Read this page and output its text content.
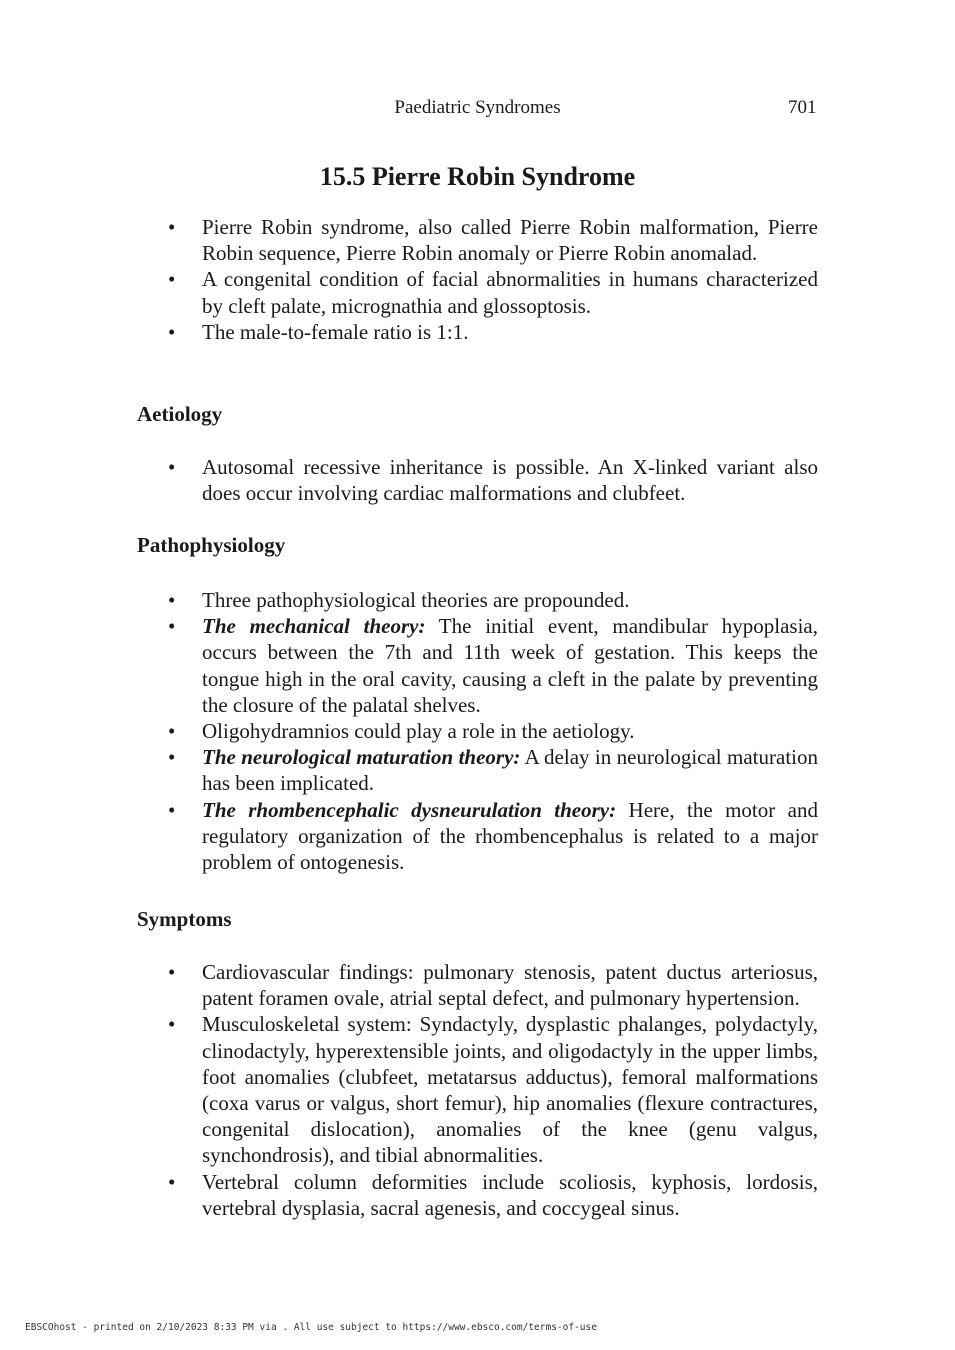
Paediatric Syndromes	701
15.5 Pierre Robin Syndrome
• Pierre Robin syndrome, also called Pierre Robin malformation, Pierre Robin sequence, Pierre Robin anomaly or Pierre Robin anomalad.
• A congenital condition of facial abnormalities in humans characterized by cleft palate, micrognathia and glossoptosis.
• The male-to-female ratio is 1:1.
Aetiology
• Autosomal recessive inheritance is possible. An X-linked variant also does occur involving cardiac malformations and clubfeet.
Pathophysiology
• Three pathophysiological theories are propounded.
• The mechanical theory: The initial event, mandibular hypoplasia, occurs between the 7th and 11th week of gestation. This keeps the tongue high in the oral cavity, causing a cleft in the palate by preventing the closure of the palatal shelves.
• Oligohydramnios could play a role in the aetiology.
• The neurological maturation theory: A delay in neurological maturation has been implicated.
• The rhombencephalic dysneurulation theory: Here, the motor and regulatory organization of the rhombencephalus is related to a major problem of ontogenesis.
Symptoms
• Cardiovascular findings: pulmonary stenosis, patent ductus arteriosus, patent foramen ovale, atrial septal defect, and pulmonary hypertension.
• Musculoskeletal system: Syndactyly, dysplastic phalanges, polydactyly, clinodactyly, hyperextensible joints, and oligodactyly in the upper limbs, foot anomalies (clubfeet, metatarsus adductus), femoral malformations (coxa varus or valgus, short femur), hip anomalies (flexure contractures, congenital dislocation), anomalies of the knee (genu valgus, synchondrosis), and tibial abnormalities.
• Vertebral column deformities include scoliosis, kyphosis, lordosis, vertebral dysplasia, sacral agenesis, and coccygeal sinus.
EBSCOhost - printed on 2/10/2023 8:33 PM via . All use subject to https://www.ebsco.com/terms-of-use
